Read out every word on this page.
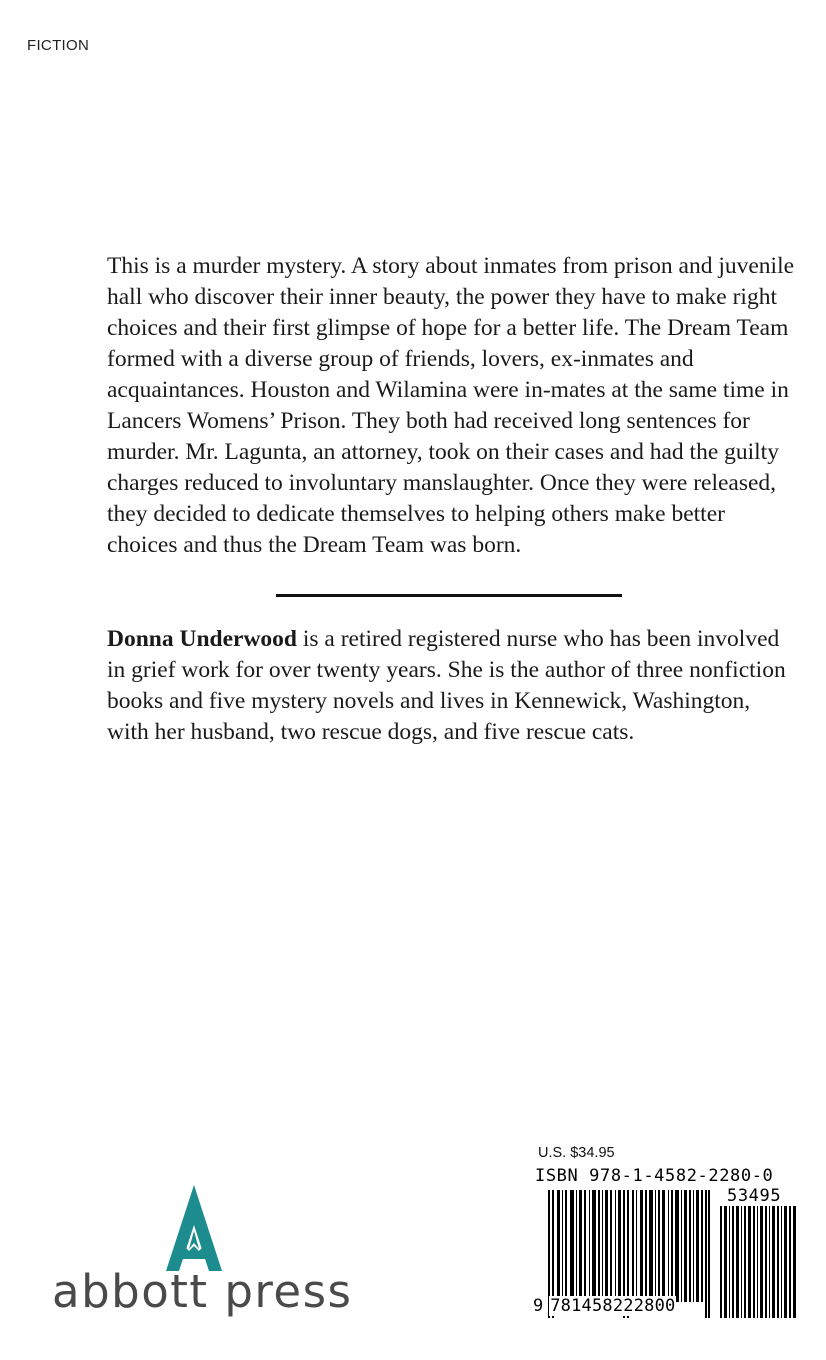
FICTION

This is a murder mystery. A story about inmates from prison and juvenile hall who discover their inner beauty, the power they have to make right choices and their first glimpse of hope for a better life. The Dream Team formed with a diverse group of friends, lovers, ex-inmates and acquaintances. Houston and Wilamina were in-mates at the same time in Lancers Womens’ Prison. They both had received long sentences for murder. Mr. Lagunta, an attorney, took on their cases and had the guilty charges reduced to involuntary manslaughter. Once they were released, they decided to dedicate themselves to helping others make better choices and thus the Dream Team was born.

Donna Underwood is a retired registered nurse who has been involved in grief work for over twenty years. She is the author of three nonfiction books and five mystery novels and lives in Kennewick, Washington, with her husband, two rescue dogs, and five rescue cats.

abbott press
U.S. $34.95
ISBN 978-1-4582-2280-0
53495
9 781458222800
